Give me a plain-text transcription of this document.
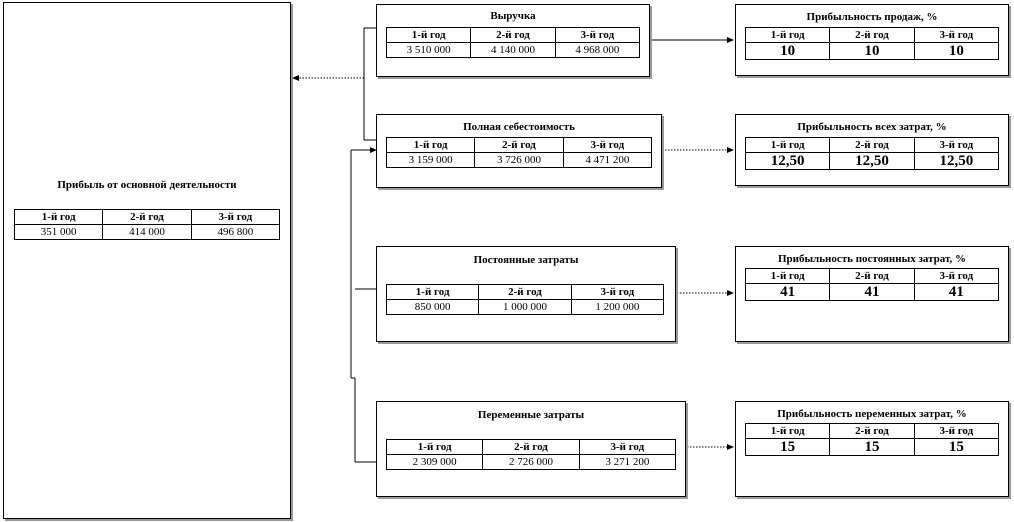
Прибыль от основной деятельности
1-й год	2-й год	3-й год
351 000	414 000	496 800
Выручка
1-й год	2-й год	3-й год
3 510 000	4 140 000	4 968 000
Полная себестоимость
1-й год	2-й год	3-й год
3 159 000	3 726 000	4 471 200
Постоянные затраты
1-й год	2-й год	3-й год
850 000	1 000 000	1 200 000
Переменные затраты
1-й год	2-й год	3-й год
2 309 000	2 726 000	3 271 200
Прибыльность продаж, %
1-й год	2-й год	3-й год
10	10	10
Прибыльность всех затрат, %
1-й год	2-й год	3-й год
12,50	12,50	12,50
Прибыльность постоянных затрат, %
1-й год	2-й год	3-й год
41	41	41
Прибыльность переменных затрат, %
1-й год	2-й год	3-й год
15	15	15
